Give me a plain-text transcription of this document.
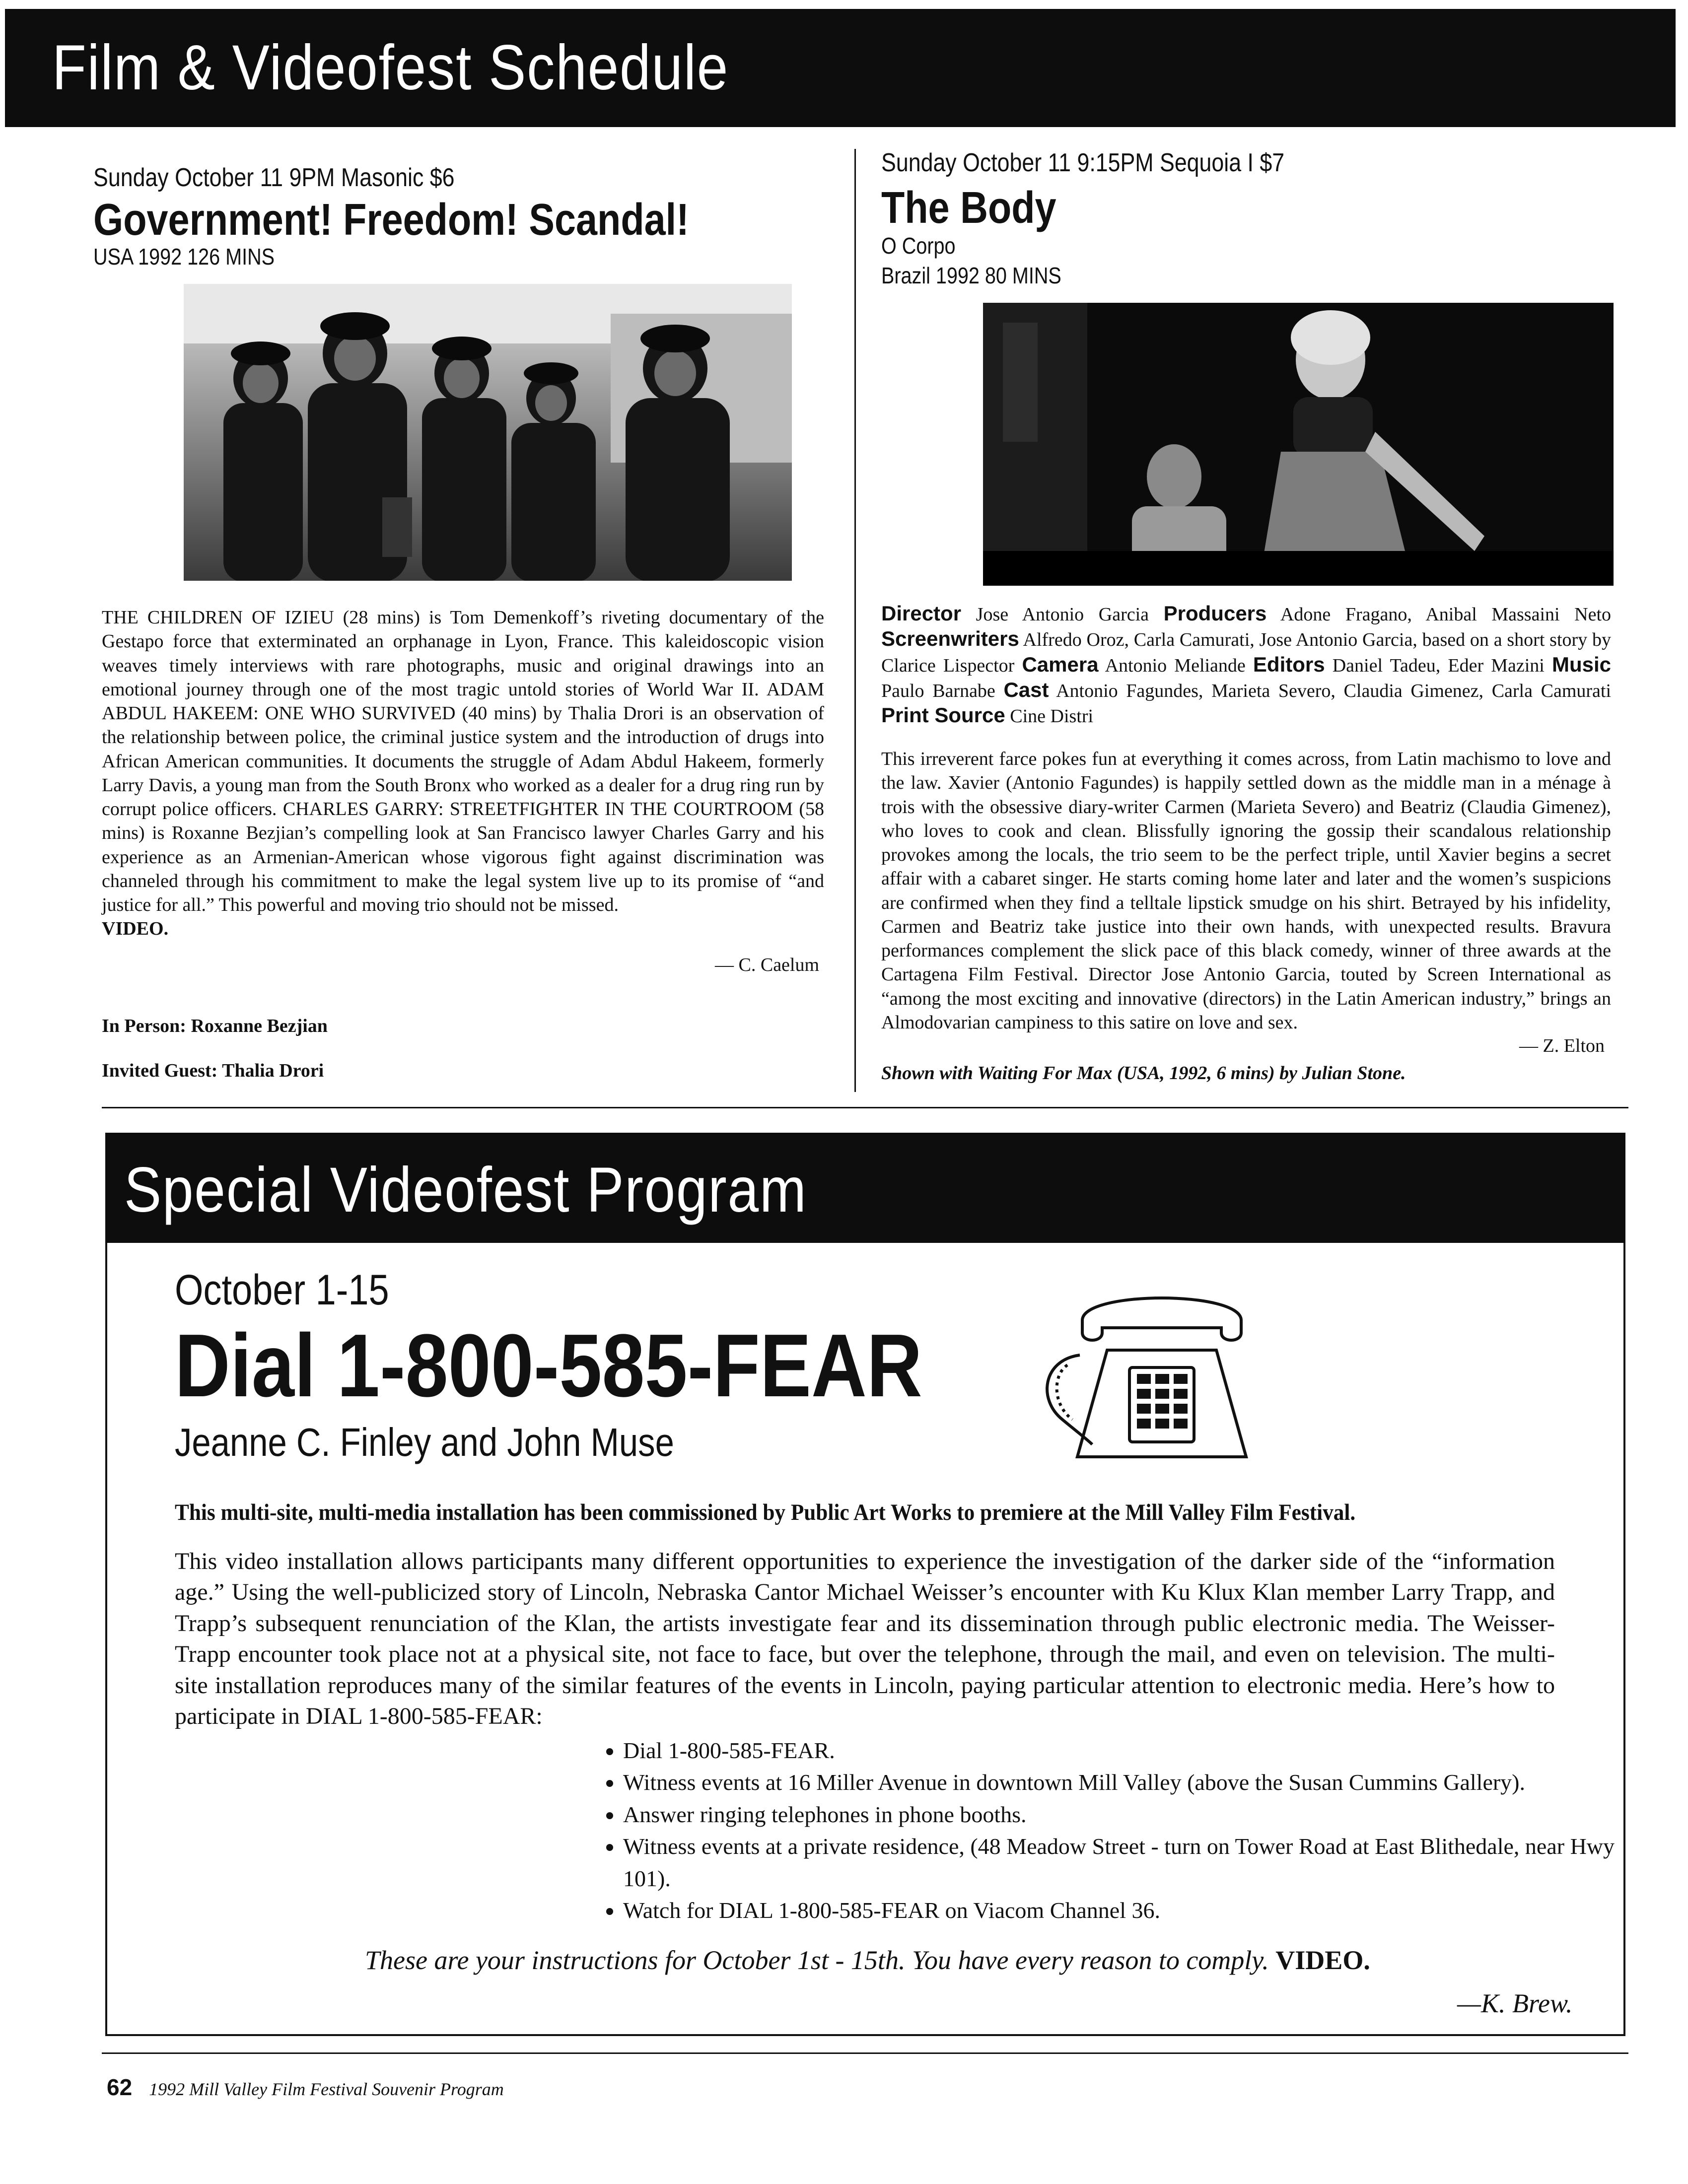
Film & Videofest Schedule
Sunday October 11 9PM Masonic $6
Government! Freedom! Scandal!
USA 1992 126 MINS

THE CHILDREN OF IZIEU (28 mins) is Tom Demenkoff’s riveting documentary of the Gestapo force that exterminated an orphanage in Lyon, France. This kaleidoscopic vision weaves timely interviews with rare photographs, music and original drawings into an emotional journey through one of the most tragic untold stories of World War II. ADAM ABDUL HAKEEM: ONE WHO SURVIVED (40 mins) by Thalia Drori is an observation of the relationship between police, the criminal justice system and the introduction of drugs into African American communities. It documents the struggle of Adam Abdul Hakeem, formerly Larry Davis, a young man from the South Bronx who worked as a dealer for a drug ring run by corrupt police officers. CHARLES GARRY: STREETFIGHTER IN THE COURTROOM (58 mins) is Roxanne Bezjian’s compelling look at San Francisco lawyer Charles Garry and his experience as an Armenian-American whose vigorous fight against discrimination was channeled through his commitment to make the legal system live up to its promise of “and justice for all.” This powerful and moving trio should not be missed.

VIDEO.

— C. Caelum
In Person: Roxanne Bezjian
Invited Guest: Thalia Drori
Sunday October 11 9:15PM Sequoia I $7
The Body
O Corpo
Brazil 1992 80 MINS
Director Jose Antonio Garcia Producers Adone Fragano, Anibal Massaini Neto Screenwriters Alfredo Oroz, Carla Camurati, Jose Antonio Garcia, based on a short story by Clarice Lispector Camera Antonio Meliande Editors Daniel Tadeu, Eder Mazini Music Paulo Barnabe Cast Antonio Fagundes, Marieta Severo, Claudia Gimenez, Carla Camurati Print Source Cine Distri
This irreverent farce pokes fun at everything it comes across, from Latin machismo to love and the law. Xavier (Antonio Fagundes) is happily settled down as the middle man in a ménage à trois with the obsessive diary-writer Carmen (Marieta Severo) and Beatriz (Claudia Gimenez), who loves to cook and clean. Blissfully ignoring the gossip their scandalous relationship provokes among the locals, the trio seem to be the perfect triple, until Xavier begins a secret affair with a cabaret singer. He starts coming home later and later and the women’s suspicions are confirmed when they find a telltale lipstick smudge on his shirt. Betrayed by his infidelity, Carmen and Beatriz take justice into their own hands, with unexpected results. Bravura performances complement the slick pace of this black comedy, winner of three awards at the Cartagena Film Festival. Director Jose Antonio Garcia, touted by Screen International as “among the most exciting and innovative (directors) in the Latin American industry,” brings an Almodovarian campiness to this satire on love and sex.
— Z. Elton
Shown with Waiting For Max (USA, 1992, 6 mins) by Julian Stone.
Special Videofest Program
October 1-15
Dial 1-800-585-FEAR
Jeanne C. Finley and John Muse
This multi-site, multi-media installation has been commissioned by Public Art Works to premiere at the Mill Valley Film Festival.
This video installation allows participants many different opportunities to experience the investigation of the darker side of the “information age.” Using the well-publicized story of Lincoln, Nebraska Cantor Michael Weisser’s encounter with Ku Klux Klan member Larry Trapp, and Trapp’s subsequent renunciation of the Klan, the artists investigate fear and its dissemination through public electronic media. The Weisser-Trapp encounter took place not at a physical site, not face to face, but over the telephone, through the mail, and even on television. The multi-site installation reproduces many of the similar features of the events in Lincoln, paying particular attention to electronic media. Here’s how to participate in DIAL 1-800-585-FEAR:
• Dial 1-800-585-FEAR.
• Witness events at 16 Miller Avenue in downtown Mill Valley (above the Susan Cummins Gallery).
• Answer ringing telephones in phone booths.
• Witness events at a private residence, (48 Meadow Street - turn on Tower Road at East Blithedale, near Hwy 101).
• Watch for DIAL 1-800-585-FEAR on Viacom Channel 36.
These are your instructions for October 1st - 15th. You have every reason to comply. VIDEO.
—K. Brew.
62 1992 Mill Valley Film Festival Souvenir Program
